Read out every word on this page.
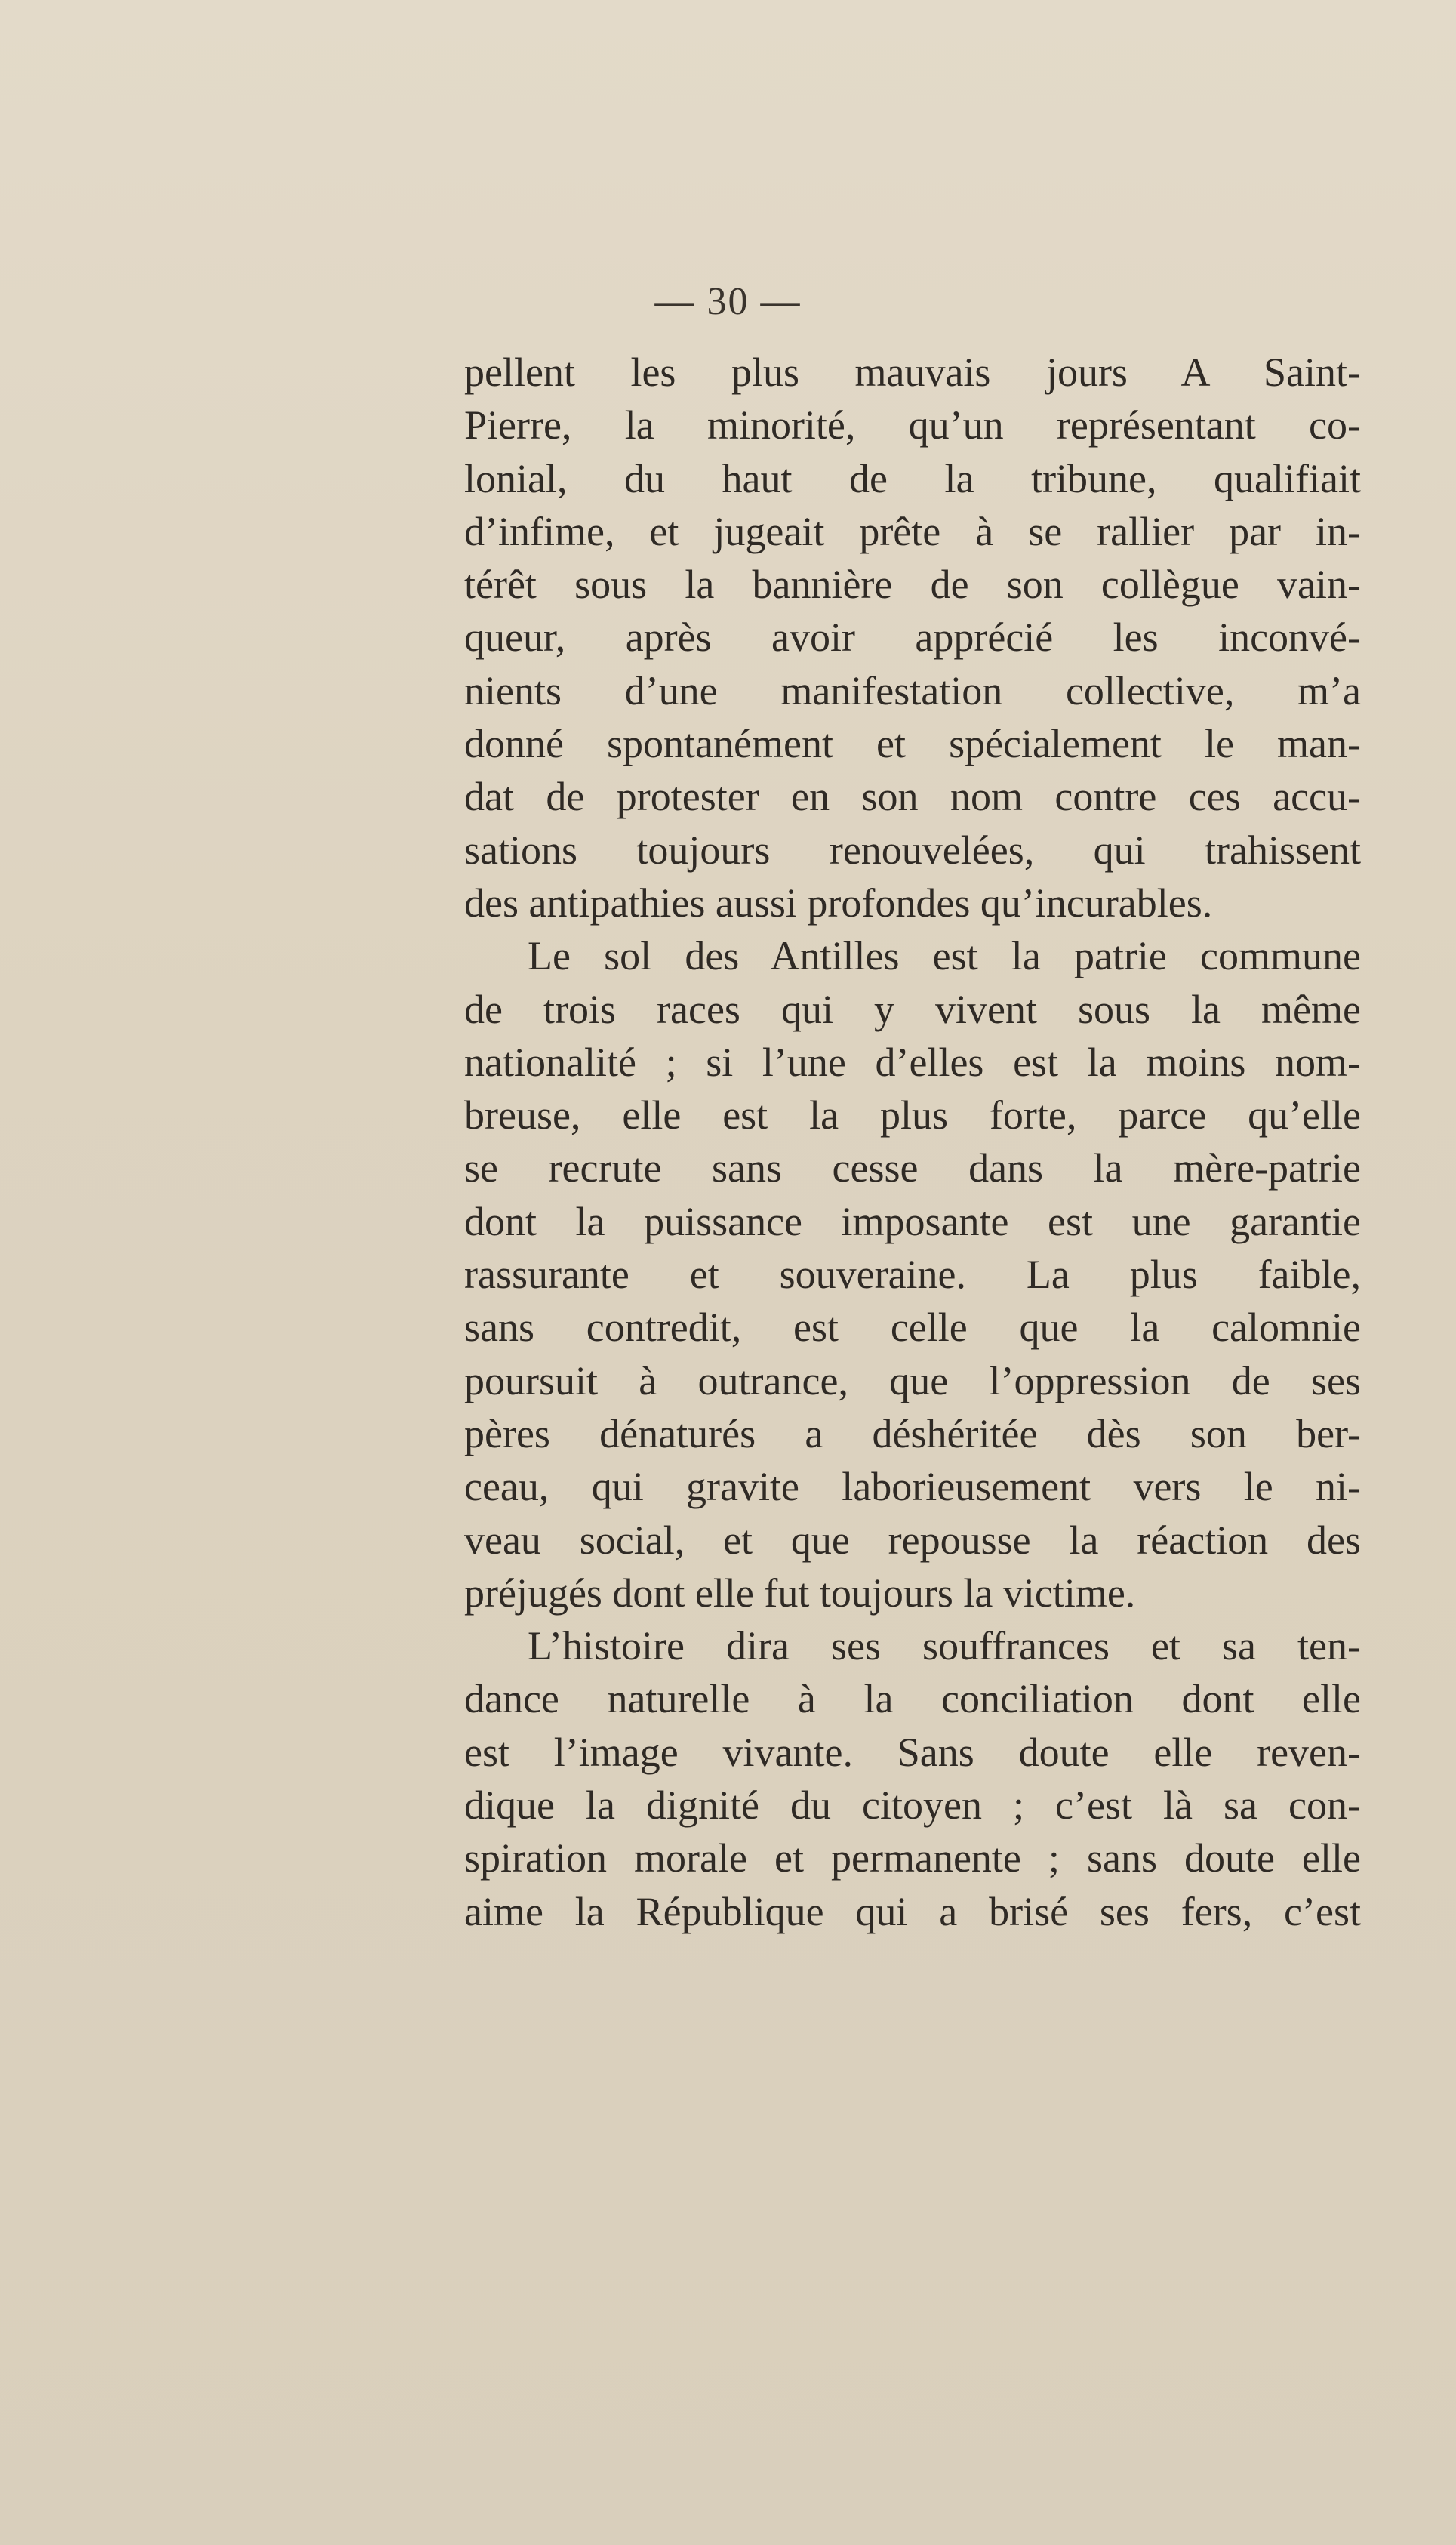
— 30 —
pellent les plus mauvais jours A Saint-
Pierre, la minorité, qu’un représentant co-
lonial, du haut de la tribune, qualifiait
d’infime, et jugeait prête à se rallier par in-
térêt sous la bannière de son collègue vain-
queur, après avoir apprécié les inconvé-
nients d’une manifestation collective, m’a
donné spontanément et spécialement le man-
dat de protester en son nom contre ces accu-
sations toujours renouvelées, qui trahissent
des antipathies aussi profondes qu’incurables.
Le sol des Antilles est la patrie commune
de trois races qui y vivent sous la même
nationalité ; si l’une d’elles est la moins nom-
breuse, elle est la plus forte, parce qu’elle
se recrute sans cesse dans la mère-patrie
dont la puissance imposante est une garantie
rassurante et souveraine. La plus faible,
sans contredit, est celle que la calomnie
poursuit à outrance, que l’oppression de ses
pères dénaturés a déshéritée dès son ber-
ceau, qui gravite laborieusement vers le ni-
veau social, et que repousse la réaction des
préjugés dont elle fut toujours la victime.
L’histoire dira ses souffrances et sa ten-
dance naturelle à la conciliation dont elle
est l’image vivante. Sans doute elle reven-
dique la dignité du citoyen ; c’est là sa con-
spiration morale et permanente ; sans doute elle
aime la République qui a brisé ses fers, c’est
